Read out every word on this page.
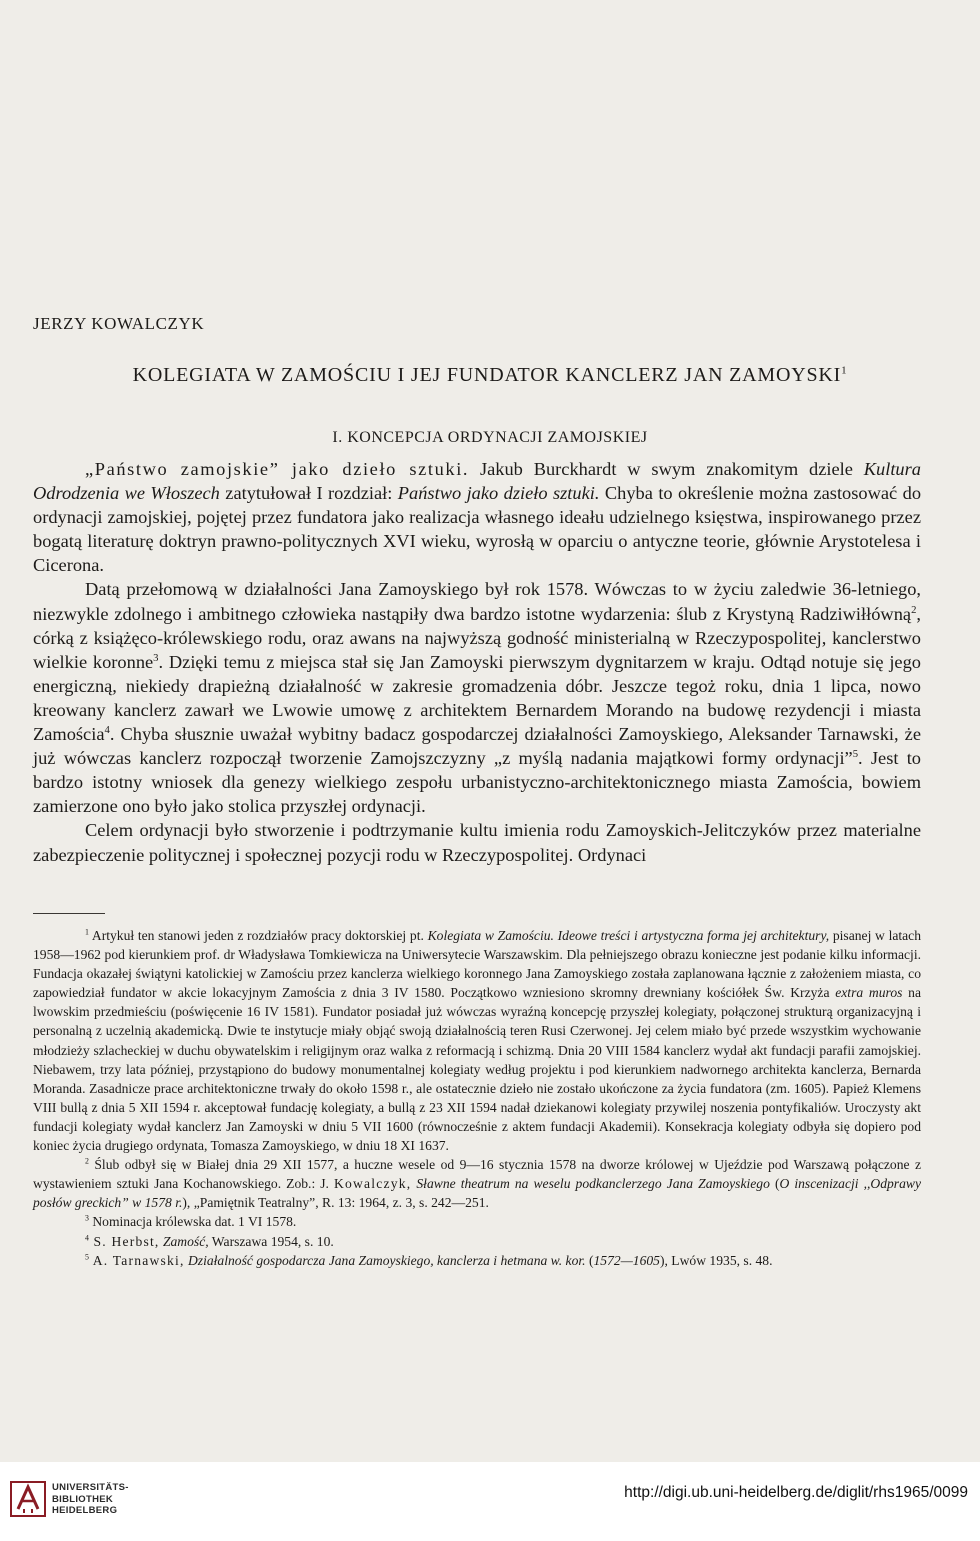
JERZY KOWALCZYK
KOLEGIATA W ZAMOŚCIU I JEJ FUNDATOR KANCLERZ JAN ZAMOYSKI$^1$
I. KONCEPCJA ORDYNACJI ZAMOJSKIEJ

„Państwo zamojskie” jako dzieło sztuki. Jakub Burckhardt w swym znakomitym dziele Kultura Odrodzenia we Włoszech zatytułował I rozdział: Państwo jako dzieło sztuki. Chyba to określenie można zastosować do ordynacji zamojskiej, pojętej przez fundatora jako realizacja własnego ideału udzielnego księstwa, inspirowanego przez bogatą literaturę doktryn prawno-politycznych XVI wieku, wyrosłą w oparciu o antyczne teorie, głównie Arystotelesa i Cicerona.

Datą przełomową w działalności Jana Zamoyskiego był rok 1578. Wówczas to w życiu zaledwie 36-letniego, niezwykle zdolnego i ambitnego człowieka nastąpiły dwa bardzo istotne wydarzenia: ślub z Krystyną Radziwiłłówną$^2$, córką z książęco-królewskiego rodu, oraz awans na najwyższą godność ministerialną w Rzeczypospolitej, kanclerstwo wielkie koronne$^3$. Dzięki temu z miejsca stał się Jan Zamoyski pierwszym dygnitarzem w kraju. Odtąd notuje się jego energiczną, niekiedy drapieżną działalność w zakresie gromadzenia dóbr. Jeszcze tegoż roku, dnia 1 lipca, nowo kreowany kanclerz zawarł we Lwowie umowę z architektem Bernardem Morando na budowę rezydencji i miasta Zamościa$^4$. Chyba słusznie uważał wybitny badacz gospodarczej działalności Zamoyskiego, Aleksander Tarnawski, że już wówczas kanclerz rozpoczął tworzenie Zamojszczyzny „z myślą nadania majątkowi formy ordynacji”$^5$. Jest to bardzo istotny wniosek dla genezy wielkiego zespołu urbanistyczno-architektonicznego miasta Zamościa, bowiem zamierzone ono było jako stolica przyszłej ordynacji.

Celem ordynacji było stworzenie i podtrzymanie kultu imienia rodu Zamoyskich-Jelitczyków przez materialne zabezpieczenie politycznej i społecznej pozycji rodu w Rzeczypospolitej. Ordynaci

$^1$ Artykuł ten stanowi jeden z rozdziałów pracy doktorskiej pt. Kolegiata w Zamościu. Ideowe treści i artystyczna forma jej architektury, pisanej w latach 1958—1962 pod kierunkiem prof. dr Władysława Tomkiewicza na Uniwersytecie Warszawskim. Dla pełniejszego obrazu konieczne jest podanie kilku informacji. Fundacja okazałej świątyni katolickiej w Zamościu przez kanclerza wielkiego koronnego Jana Zamoyskiego została zaplanowana łącznie z założeniem miasta, co zapowiedział fundator w akcie lokacyjnym Zamościa z dnia 3 IV 1580. Początkowo wzniesiono skromny drewniany kościółek Św. Krzyża extra muros na lwowskim przedmieściu (poświęcenie 16 IV 1581). Fundator posiadał już wówczas wyraźną koncepcję przyszłej kolegiaty, połączonej strukturą organizacyjną i personalną z uczelnią akademicką. Dwie te instytucje miały objąć swoją działalnością teren Rusi Czerwonej. Jej celem miało być przede wszystkim wychowanie młodzieży szlacheckiej w duchu obywatelskim i religijnym oraz walka z reformacją i schizmą. Dnia 20 VIII 1584 kanclerz wydał akt fundacji parafii zamojskiej. Niebawem, trzy lata później, przystąpiono do budowy monumentalnej kolegiaty według projektu i pod kierunkiem nadwornego architekta kanclerza, Bernarda Moranda. Zasadnicze prace architektoniczne trwały do około 1598 r., ale ostatecznie dzieło nie zostało ukończone za życia fundatora (zm. 1605). Papież Klemens VIII bullą z dnia 5 XII 1594 r. akceptował fundację kolegiaty, a bullą z 23 XII 1594 nadał dziekanowi kolegiaty przywilej noszenia pontyfikaliów. Uroczysty akt fundacji kolegiaty wydał kanclerz Jan Zamoyski w dniu 5 VII 1600 (równocześnie z aktem fundacji Akademii). Konsekracja kolegiaty odbyła się dopiero pod koniec życia drugiego ordynata, Tomasza Zamoyskiego, w dniu 18 XI 1637.

$^2$ Ślub odbył się w Białej dnia 29 XII 1577, a huczne wesele od 9—16 stycznia 1578 na dworze królowej w Ujeździe pod Warszawą połączone z wystawieniem sztuki Jana Kochanowskiego. Zob.: J. Kowalczyk, Sławne theatrum na weselu podkanclerzego Jana Zamoyskiego (O inscenizacji ,,Odprawy posłów greckich” w 1578 r.), „Pamiętnik Teatralny”, R. 13: 1964, z. 3, s. 242—251.

$^3$ Nominacja królewska dat. 1 VI 1578.

$^4$ S. Herbst, Zamość, Warszawa 1954, s. 10.

$^5$ A. Tarnawski, Działalność gospodarcza Jana Zamoyskiego, kanclerza i hetmana w. kor. (1572—1605), Lwów 1935, s. 48.

UNIVERSITÄTS-
BIBLIOTHEK
HEIDELBERG
http://digi.ub.uni-heidelberg.de/diglit/rhs1965/0099
